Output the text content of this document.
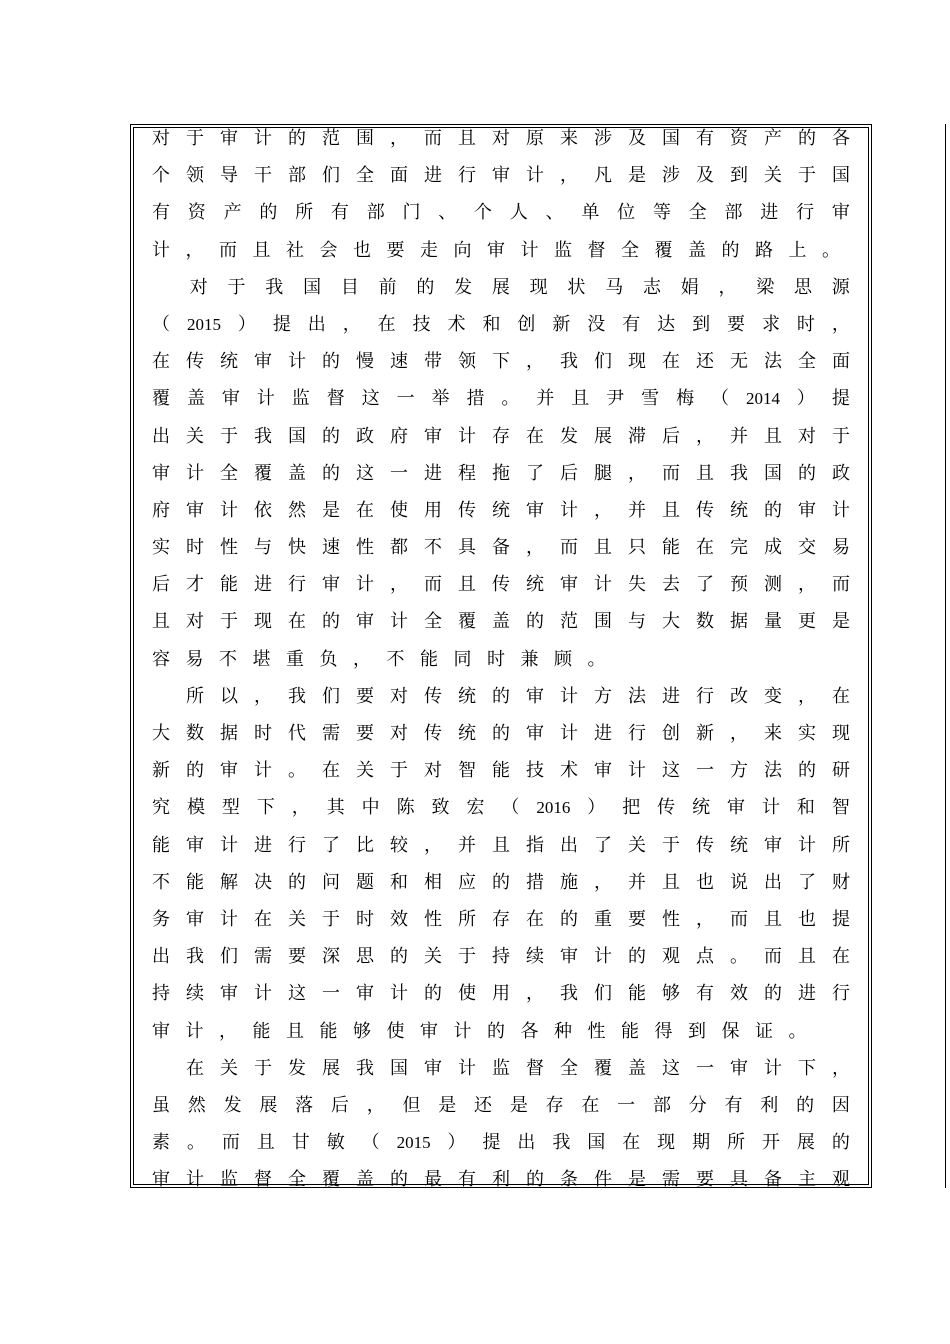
对 于 审 计 的 范 围 ， 而 且 对 原 来 涉 及 国 有 资 产 的 各
个 领 导 干 部 们 全 面 进 行 审 计 ， 凡 是 涉 及 到 关 于 国
有 资 产 的 所 有 部 门 、 个 人 、 单 位 等 全 部 进 行 审
计 ， 而 且 社 会 也 要 走 向 审 计 监 督 全 覆 盖 的 路 上 。

对 于 我 国 目 前 的 发 展 现 状 马 志 娟 ， 梁 思 源
（ 2015 ） 提 出 ， 在 技 术 和 创 新 没 有 达 到 要 求 时 ，
在 传 统 审 计 的 慢 速 带 领 下 ， 我 们 现 在 还 无 法 全 面
覆 盖 审 计 监 督 这 一 举 措 。 并 且 尹 雪 梅 （ 2014 ） 提
出 关 于 我 国 的 政 府 审 计 存 在 发 展 滞 后 ， 并 且 对 于
审 计 全 覆 盖 的 这 一 进 程 拖 了 后 腿 ， 而 且 我 国 的 政
府 审 计 依 然 是 在 使 用 传 统 审 计 ， 并 且 传 统 的 审 计
实 时 性 与 快 速 性 都 不 具 备 ， 而 且 只 能 在 完 成 交 易
后 才 能 进 行 审 计 ， 而 且 传 统 审 计 失 去 了 预 测 ， 而
且 对 于 现 在 的 审 计 全 覆 盖 的 范 围 与 大 数 据 量 更 是
容 易 不 堪 重 负 ， 不 能 同 时 兼 顾 。

所 以 ， 我 们 要 对 传 统 的 审 计 方 法 进 行 改 变 ， 在
大 数 据 时 代 需 要 对 传 统 的 审 计 进 行 创 新 ， 来 实 现
新 的 审 计 。 在 关 于 对 智 能 技 术 审 计 这 一 方 法 的 研
究 模 型 下 ， 其 中 陈 致 宏 （ 2016 ） 把 传 统 审 计 和 智
能 审 计 进 行 了 比 较 ， 并 且 指 出 了 关 于 传 统 审 计 所
不 能 解 决 的 问 题 和 相 应 的 措 施 ， 并 且 也 说 出 了 财
务 审 计 在 关 于 时 效 性 所 存 在 的 重 要 性 ， 而 且 也 提
出 我 们 需 要 深 思 的 关 于 持 续 审 计 的 观 点 。 而 且 在
持 续 审 计 这 一 审 计 的 使 用 ， 我 们 能 够 有 效 的 进 行
审 计 ， 能 且 能 够 使 审 计 的 各 种 性 能 得 到 保 证 。

在 关 于 发 展 我 国 审 计 监 督 全 覆 盖 这 一 审 计 下 ，
虽 然 发 展 落 后 ， 但 是 还 是 存 在 一 部 分 有 利 的 因
素 。 而 且 甘 敏 （ 2015 ） 提 出 我 国 在 现 期 所 开 展 的
审 计 监 督 全 覆 盖 的 最 有 利 的 条 件 是 需 要 具 备 主 观
